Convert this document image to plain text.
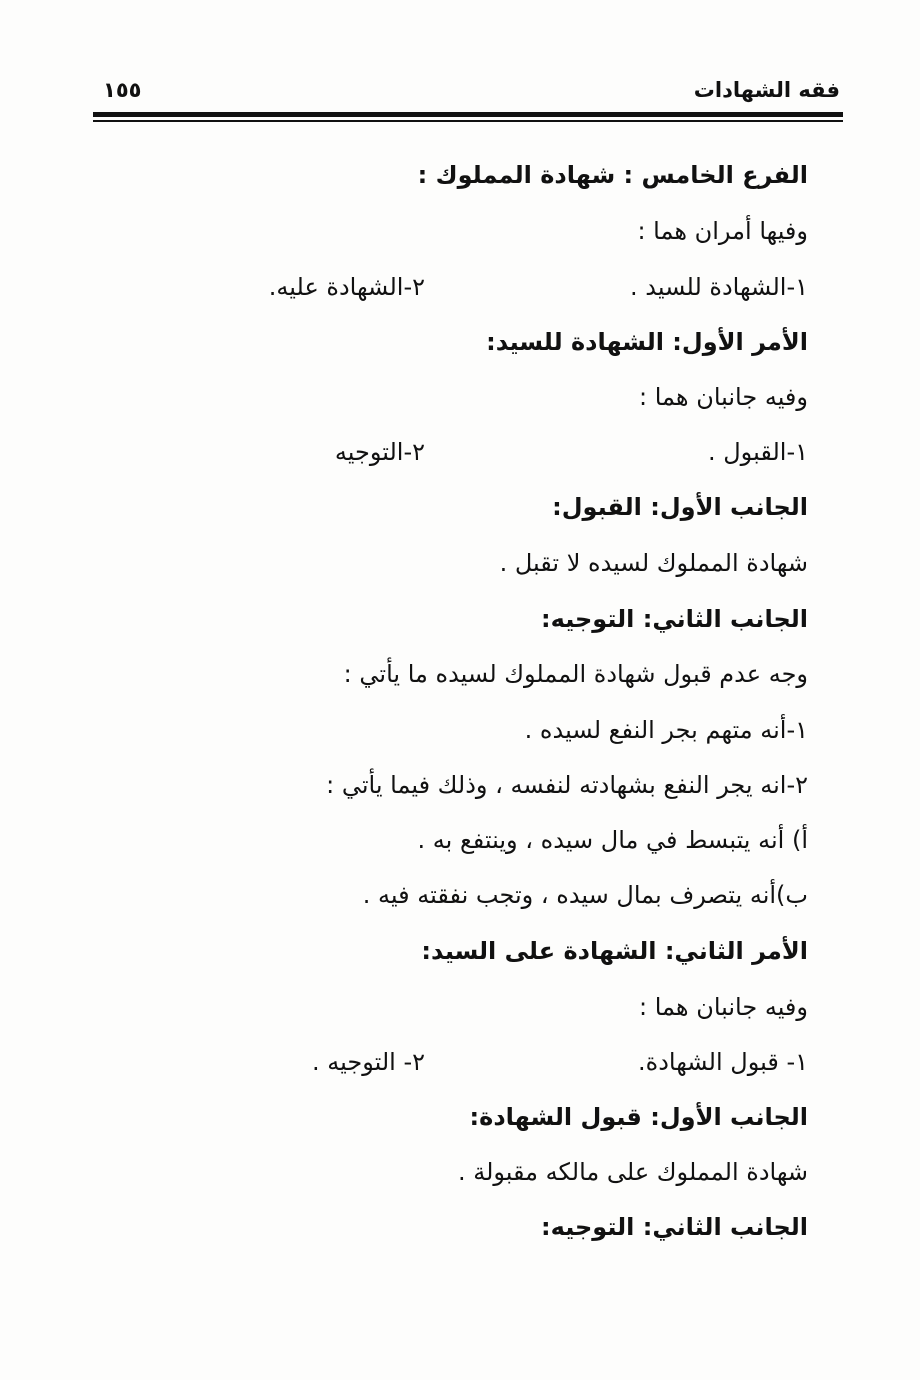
فقه الشهادات
١٥٥
الفرع الخامس : شهادة المملوك :
وفيها أمران هما :
١-الشهادة للسيد .
٢-الشهادة عليه.
الأمر الأول: الشهادة للسيد:
وفيه جانبان هما :
١-القبول .
٢-التوجيه
الجانب الأول: القبول:
شهادة المملوك لسيده لا تقبل .
الجانب الثاني: التوجيه:
وجه عدم قبول شهادة المملوك لسيده ما يأتي :
١-أنه متهم بجر النفع لسيده .
٢-انه يجر النفع بشهادته لنفسه ، وذلك فيما يأتي :
أ) أنه يتبسط في مال سيده ، وينتفع به .
ب)أنه يتصرف بمال سيده ، وتجب نفقته فيه .
الأمر الثاني: الشهادة على السيد:
وفيه جانبان هما :
١- قبول الشهادة.
٢- التوجيه .
الجانب الأول: قبول الشهادة:
شهادة المملوك على مالكه مقبولة .
الجانب الثاني: التوجيه:
